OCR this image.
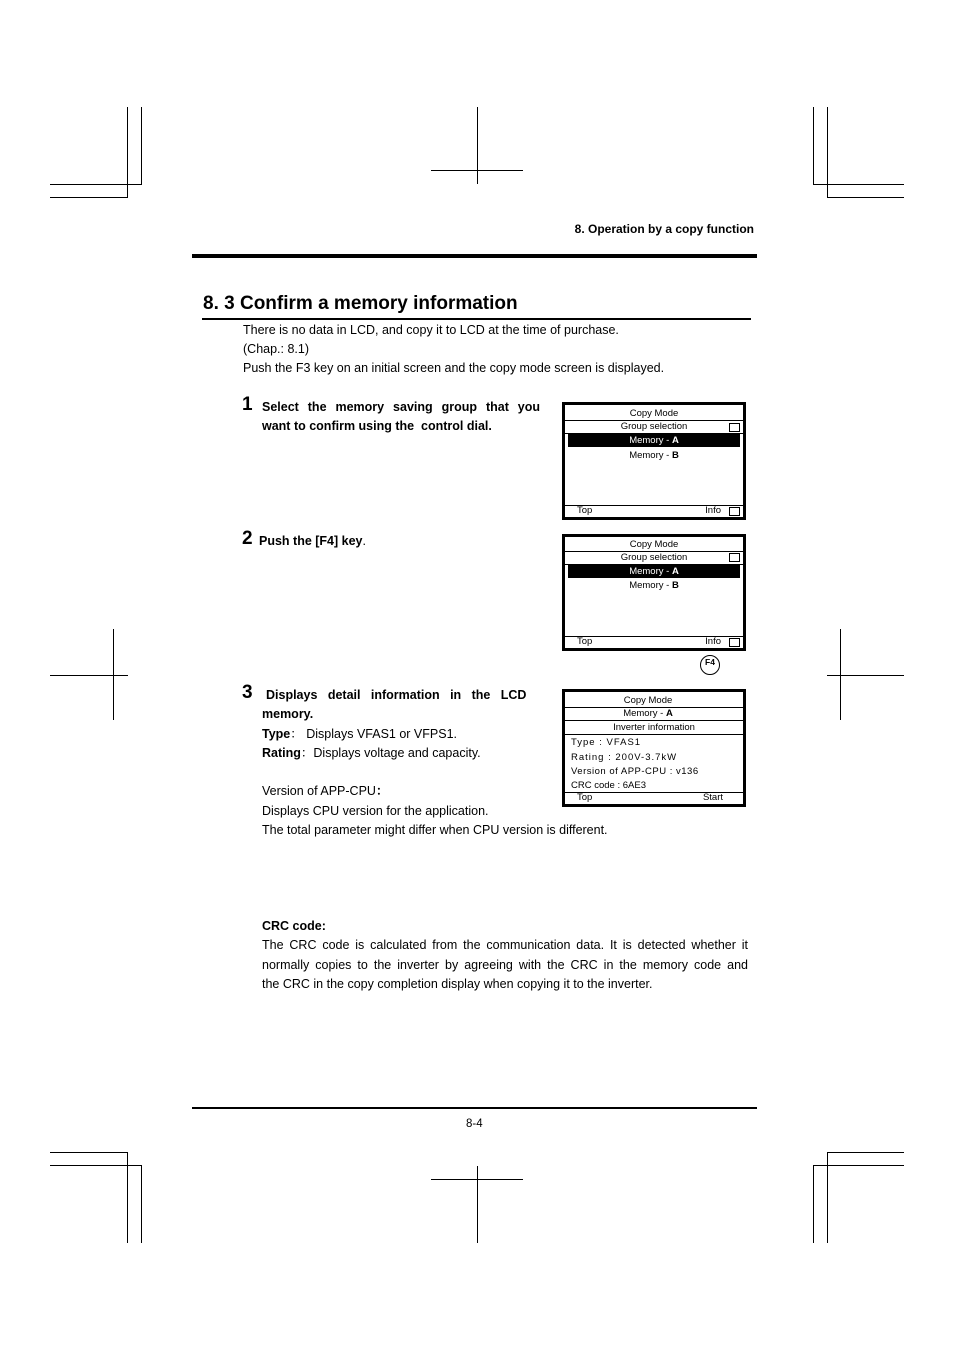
8. Operation by a copy function
8. 3 Confirm a memory information
There is no data in LCD, and copy it to LCD at the time of purchase.
(Chap.: 8.1)
Push the F3 key on an initial screen and the copy mode screen is displayed.
1 Select  the  memory  saving  group  that  you
want to confirm using the  control dial.
Copy Mode
Group selection
Memory - A
Memory - B
Top	Info
2 Push the [F4] key.	Copy Mode
Group selection
Memory - A
Memory - B
Top	Info
F4
3 Displays   detail   information   in   the   LCD
memory.
Type： Displays VFAS1 or VFPS1.
Rating：Displays voltage and capacity.
Version of APP-CPU：
Displays CPU version for the application.
The total parameter might differ when CPU version is different.
Copy Mode
Memory - A
Inverter information
Type : VFAS1
Rating : 200V-3.7kW
Version of APP-CPU : v136
CRC code : 6AE3
Top	Start
CRC code:
The CRC code is calculated from the communication data. It is detected whether it
normally copies to the inverter by agreeing with the CRC in the memory code and
the CRC in the copy completion display when copying it to the inverter.
8-4
